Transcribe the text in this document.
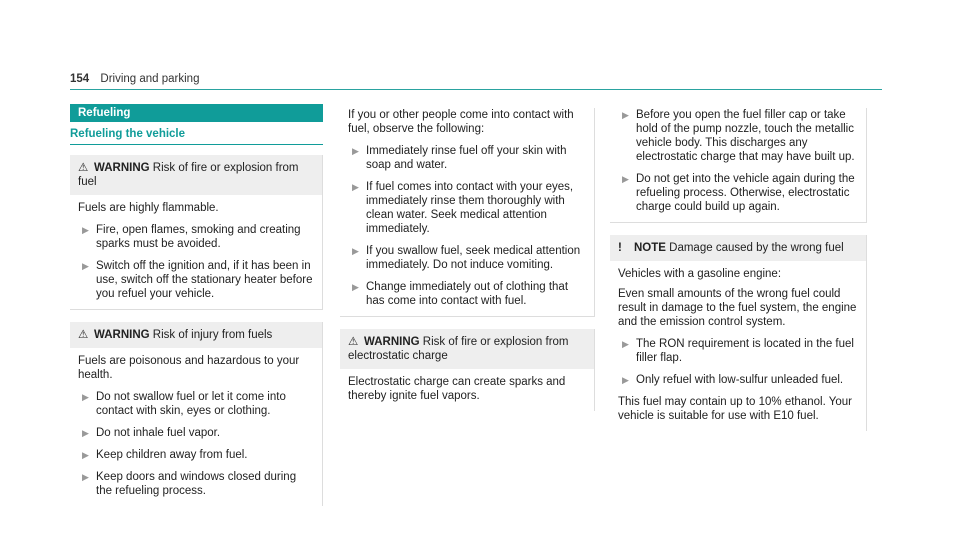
154 Driving and parking
Refueling
Refueling the vehicle
⚠ WARNING Risk of fire or explosion from fuel

Fuels are highly flammable.

▶ Fire, open flames, smoking and creating sparks must be avoided.
▶ Switch off the ignition and, if it has been in use, switch off the stationary heater before you refuel your vehicle.
⚠ WARNING Risk of injury from fuels

Fuels are poisonous and hazardous to your health.

▶ Do not swallow fuel or let it come into contact with skin, eyes or clothing.
▶ Do not inhale fuel vapor.
▶ Keep children away from fuel.
▶ Keep doors and windows closed during the refueling process.

If you or other people come into contact with fuel, observe the following:

▶ Immediately rinse fuel off your skin with soap and water.
▶ If fuel comes into contact with your eyes, immediately rinse them thoroughly with clean water. Seek medical attention immediately.
▶ If you swallow fuel, seek medical attention immediately. Do not induce vomiting.
▶ Change immediately out of clothing that has come into contact with fuel.
⚠ WARNING Risk of fire or explosion from electrostatic charge

Electrostatic charge can create sparks and thereby ignite fuel vapors.

▶ Before you open the fuel filler cap or take hold of the pump nozzle, touch the metallic vehicle body. This discharges any electrostatic charge that may have built up.
▶ Do not get into the vehicle again during the refueling process. Otherwise, electrostatic charge could build up again.
! NOTE Damage caused by the wrong fuel

Vehicles with a gasoline engine:

Even small amounts of the wrong fuel could result in damage to the fuel system, the engine and the emission control system.

▶ The RON requirement is located in the fuel filler flap.
▶ Only refuel with low-sulfur unleaded fuel.

This fuel may contain up to 10% ethanol. Your vehicle is suitable for use with E10 fuel.
